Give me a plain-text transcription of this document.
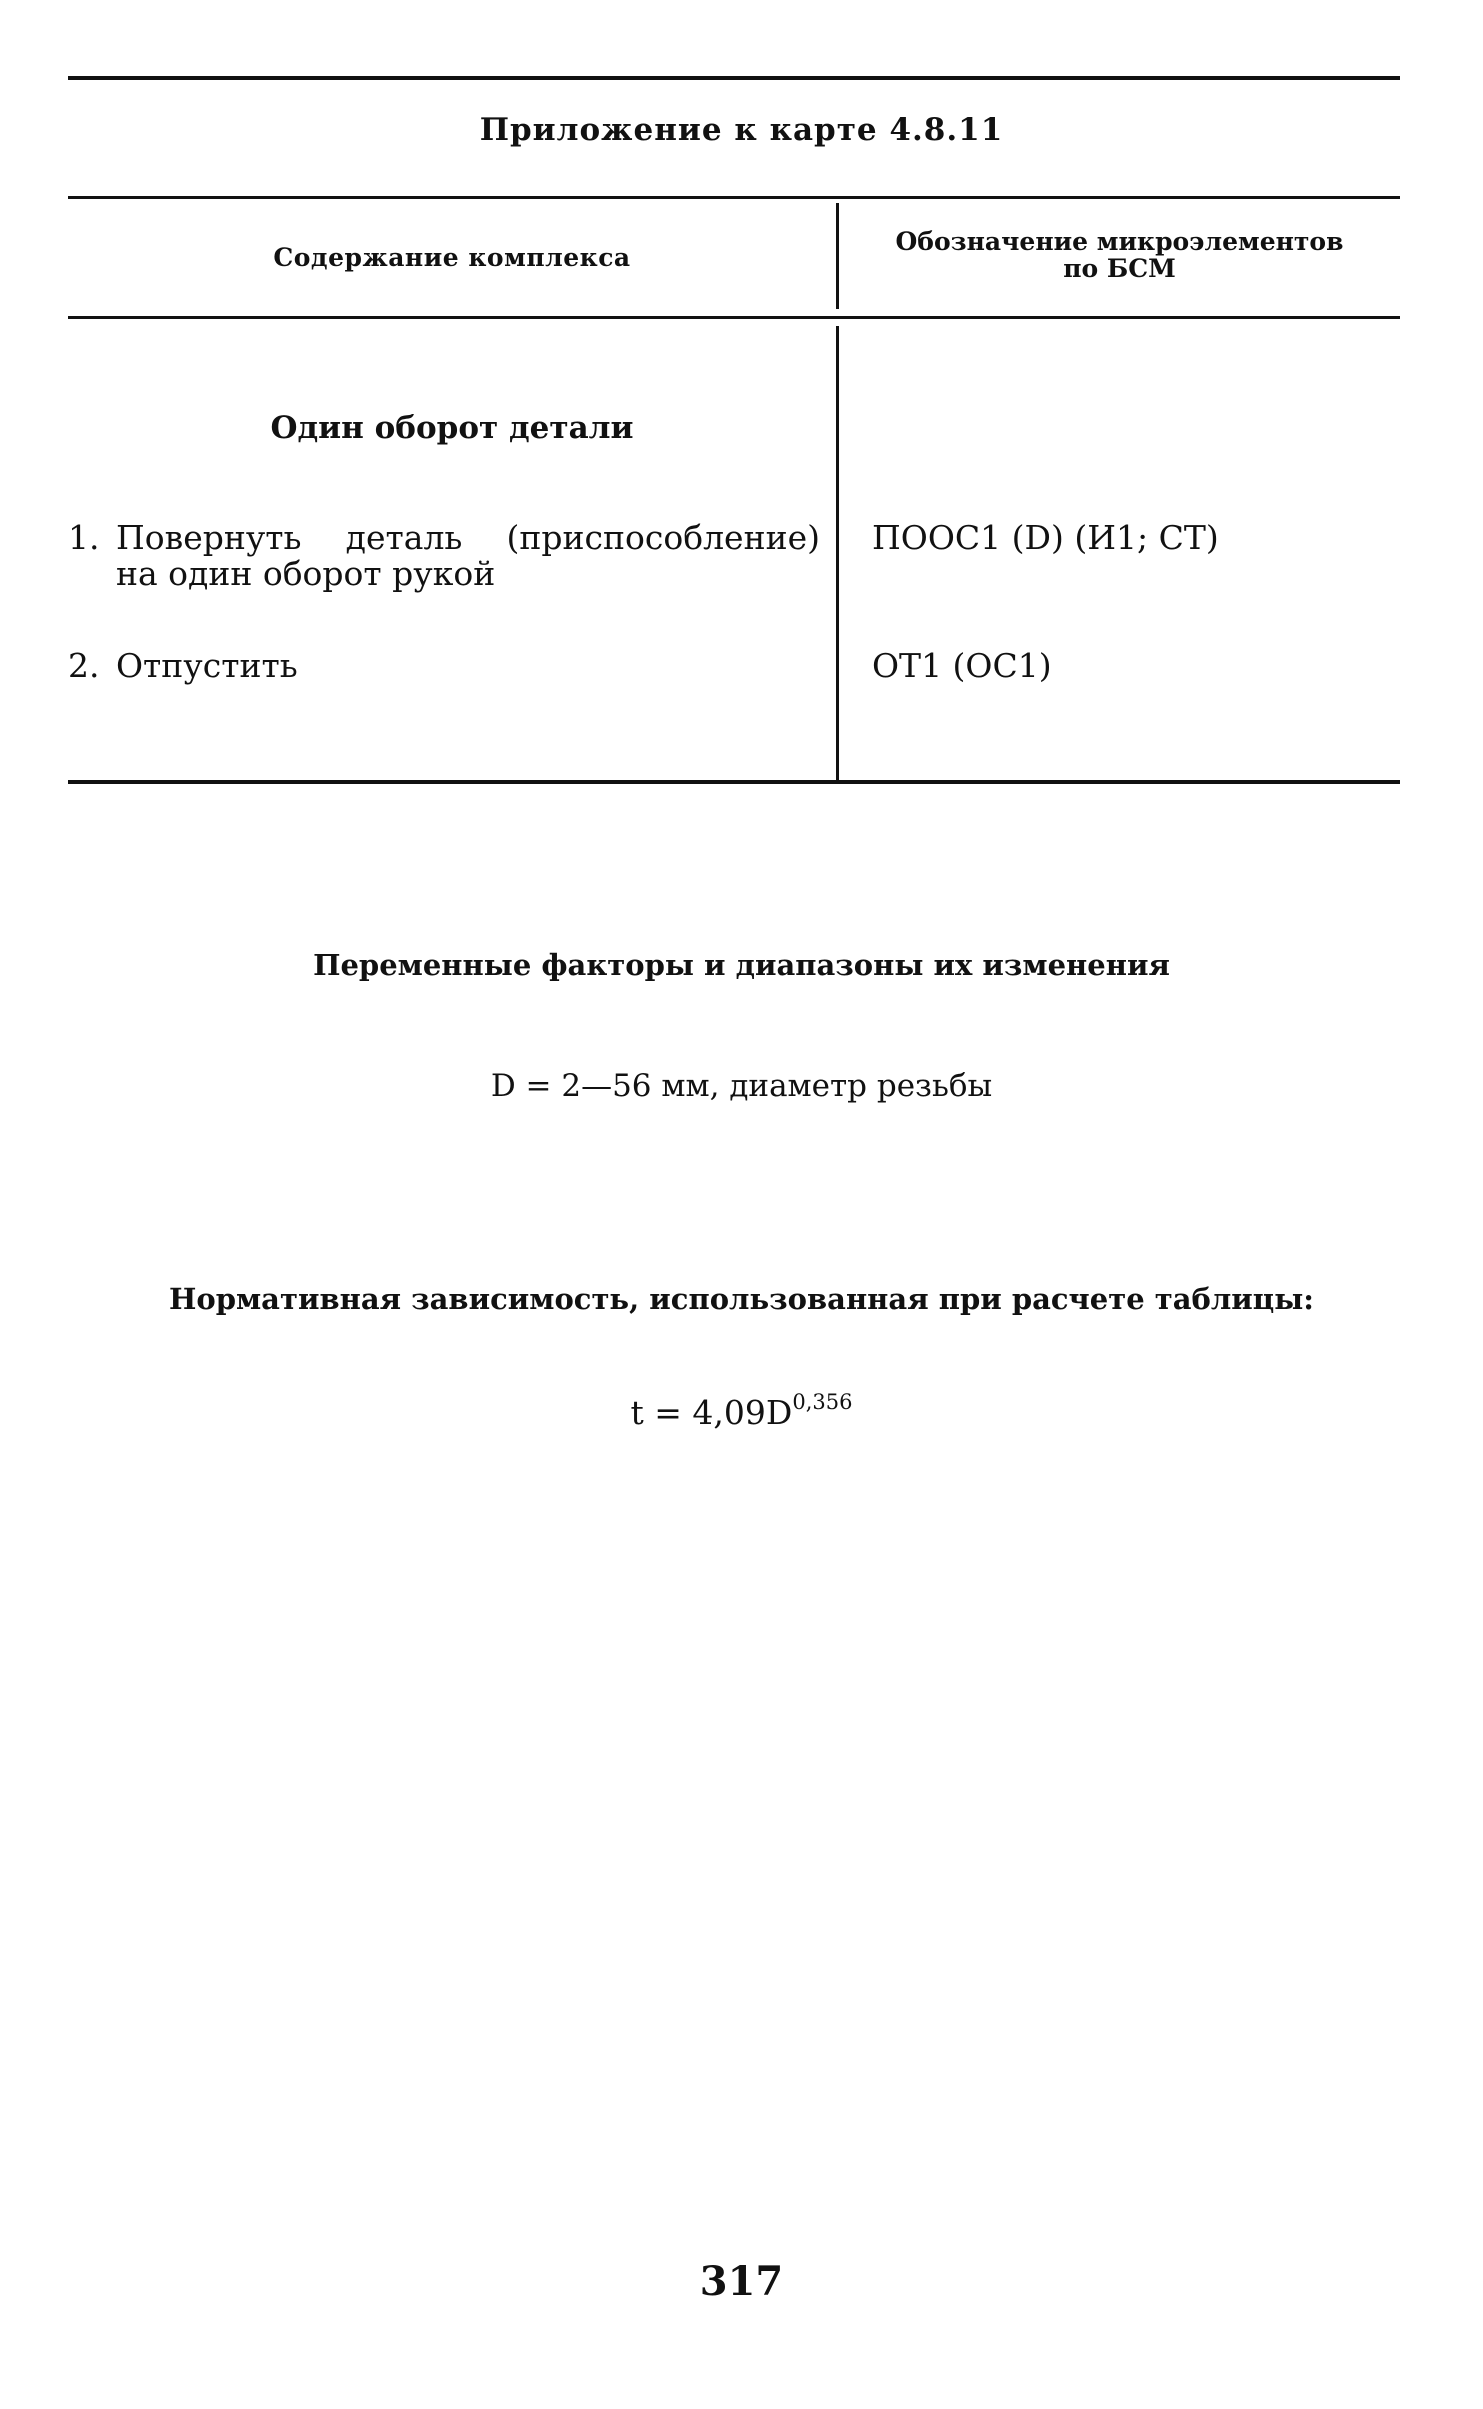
Приложение к карте 4.8.11
Содержание комплекса
Обозначение микроэлементов
по БСМ
Один оборот детали
1. Повернуть деталь (приспособление)
на один оборот рукой
ПООС1 (D) (И1; СТ)
2. Отпустить	ОТ1 (ОС1)
Переменные факторы и диапазоны их изменения
D = 2—56 мм, диаметр резьбы
Нормативная зависимость, использованная при расчете таблицы:
$t = 4,09D^{0,356}$
317
